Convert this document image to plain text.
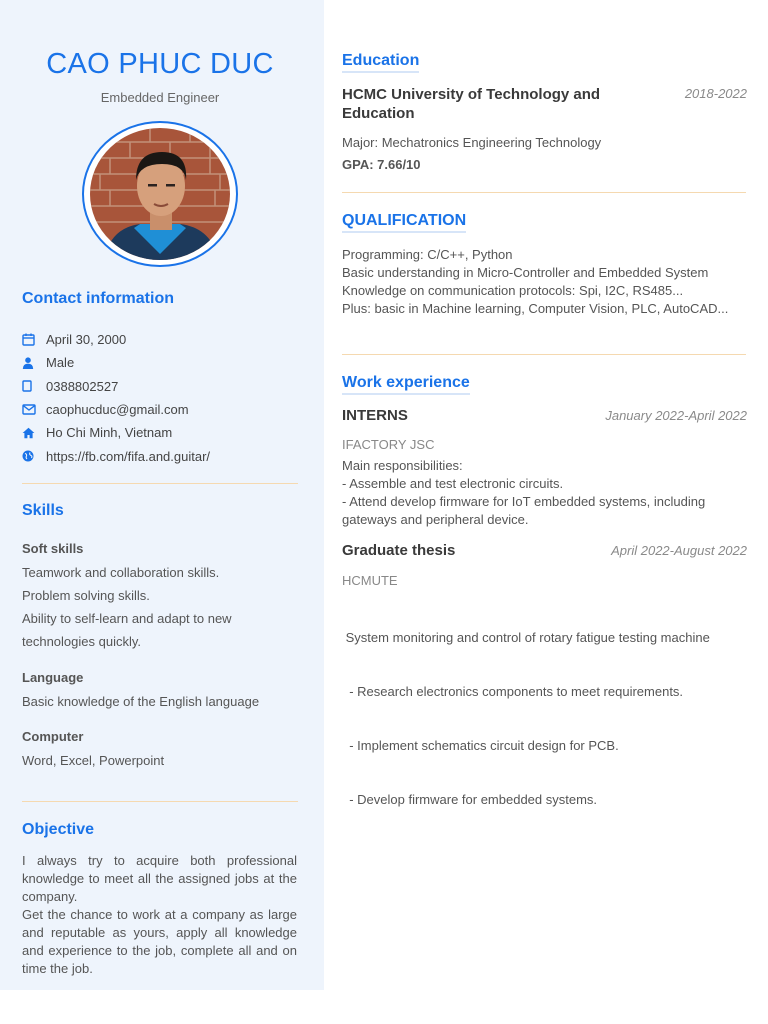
CAO PHUC DUC
Embedded Engineer
Contact information
April 30, 2000
Male
0388802527
caophucduc@gmail.com
Ho Chi Minh, Vietnam
https://fb.com/fifa.and.guitar/
Skills
Soft skills
Teamwork and collaboration skills.
Problem solving skills.
Ability to self-learn and adapt to new
technologies quickly.
Language
Basic knowledge of the English language
Computer
Word, Excel, Powerpoint
Objective

I always try to acquire both professional knowledge to meet all the assigned jobs at the company.

Get the chance to work at a company as large and reputable as yours, apply all knowledge and experience to the job, complete all and on time the job.

Education
HCMC University of Technology and Education
2018-2022
Major: Mechatronics Engineering Technology
GPA: 7.66/10
QUALIFICATION
Programming: C/C++, Python
Basic understanding in Micro-Controller and Embedded System
Knowledge on communication protocols: Spi, I2C, RS485...
Plus: basic in Machine learning, Computer Vision, PLC, AutoCAD...
Work experience
INTERNS	January 2022-April 2022
IFACTORY JSC
Main responsibilities:
- Assemble and test electronic circuits.
- Attend develop firmware for IoT embedded systems, including gateways and peripheral device.
Graduate thesis	April 2022-August 2022
HCMUTE

System monitoring and control of rotary fatigue testing machine

- Research electronics components to meet requirements.

- Implement schematics circuit design for PCB.

- Develop firmware for embedded systems.
